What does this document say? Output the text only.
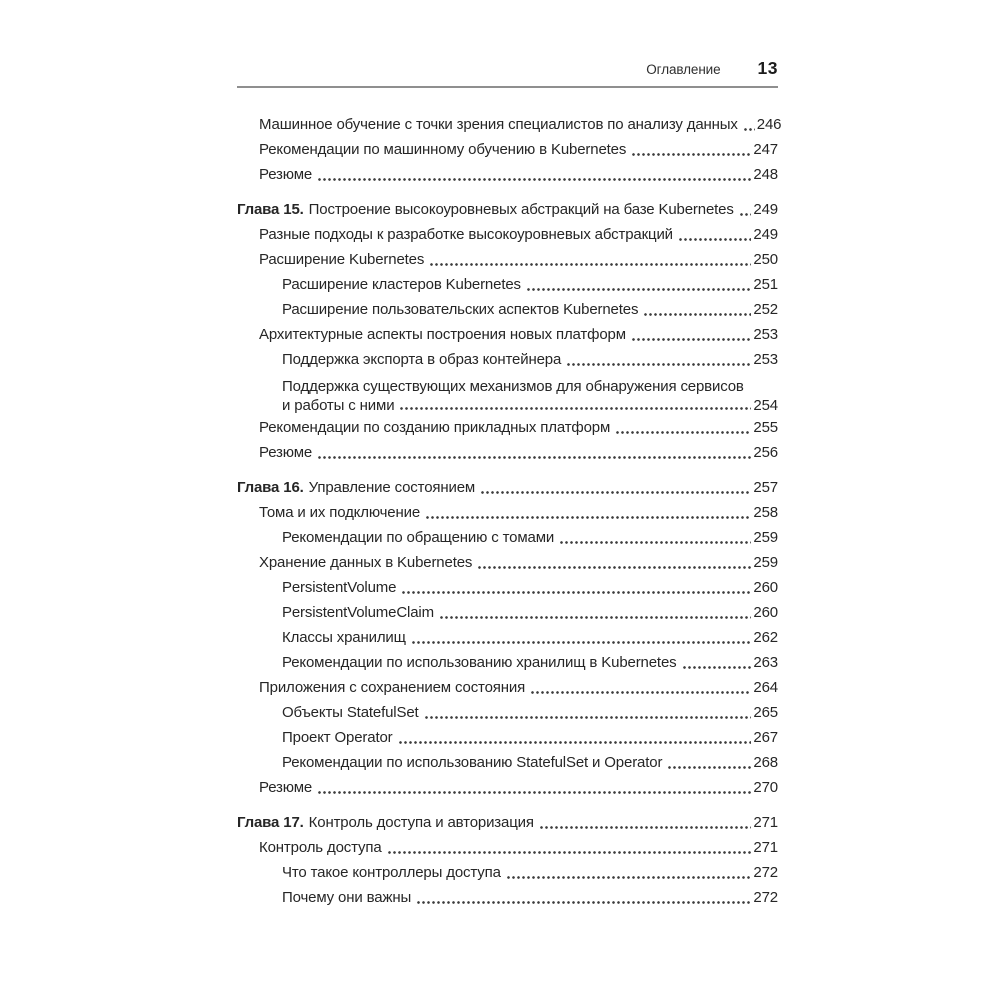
Оглавление 13
Машинное обучение с точки зрения специалистов по анализу данных 246
Рекомендации по машинному обучению в Kubernetes	247
Резюме	248
Глава 15. Построение высокоуровневых абстракций на базе Kubernetes 249
Разные подходы к разработке высокоуровневых абстракций	249
Расширение Kubernetes	250
Расширение кластеров Kubernetes	251
Расширение пользовательских аспектов Kubernetes	252
Архитектурные аспекты построения новых платформ	253
Поддержка экспорта в образ контейнера	253
Поддержка существующих механизмов для обнаружения сервисов
и работы с ними	254
Рекомендации по созданию прикладных платформ	255
Резюме	256
Глава 16. Управление состоянием	257
Тома и их подключение	258
Рекомендации по обращению с томами	259
Хранение данных в Kubernetes	259
PersistentVolume	260
PersistentVolumeClaim	260
Классы хранилищ	262
Рекомендации по использованию хранилищ в Kubernetes	263
Приложения с сохранением состояния	264
Объекты StatefulSet	265
Проект Operator	267
Рекомендации по использованию StatefulSet и Operator	268
Резюме	270
Глава 17. Контроль доступа и авторизация	271
Контроль доступа	271
Что такое контроллеры доступа	272
Почему они важны	272
